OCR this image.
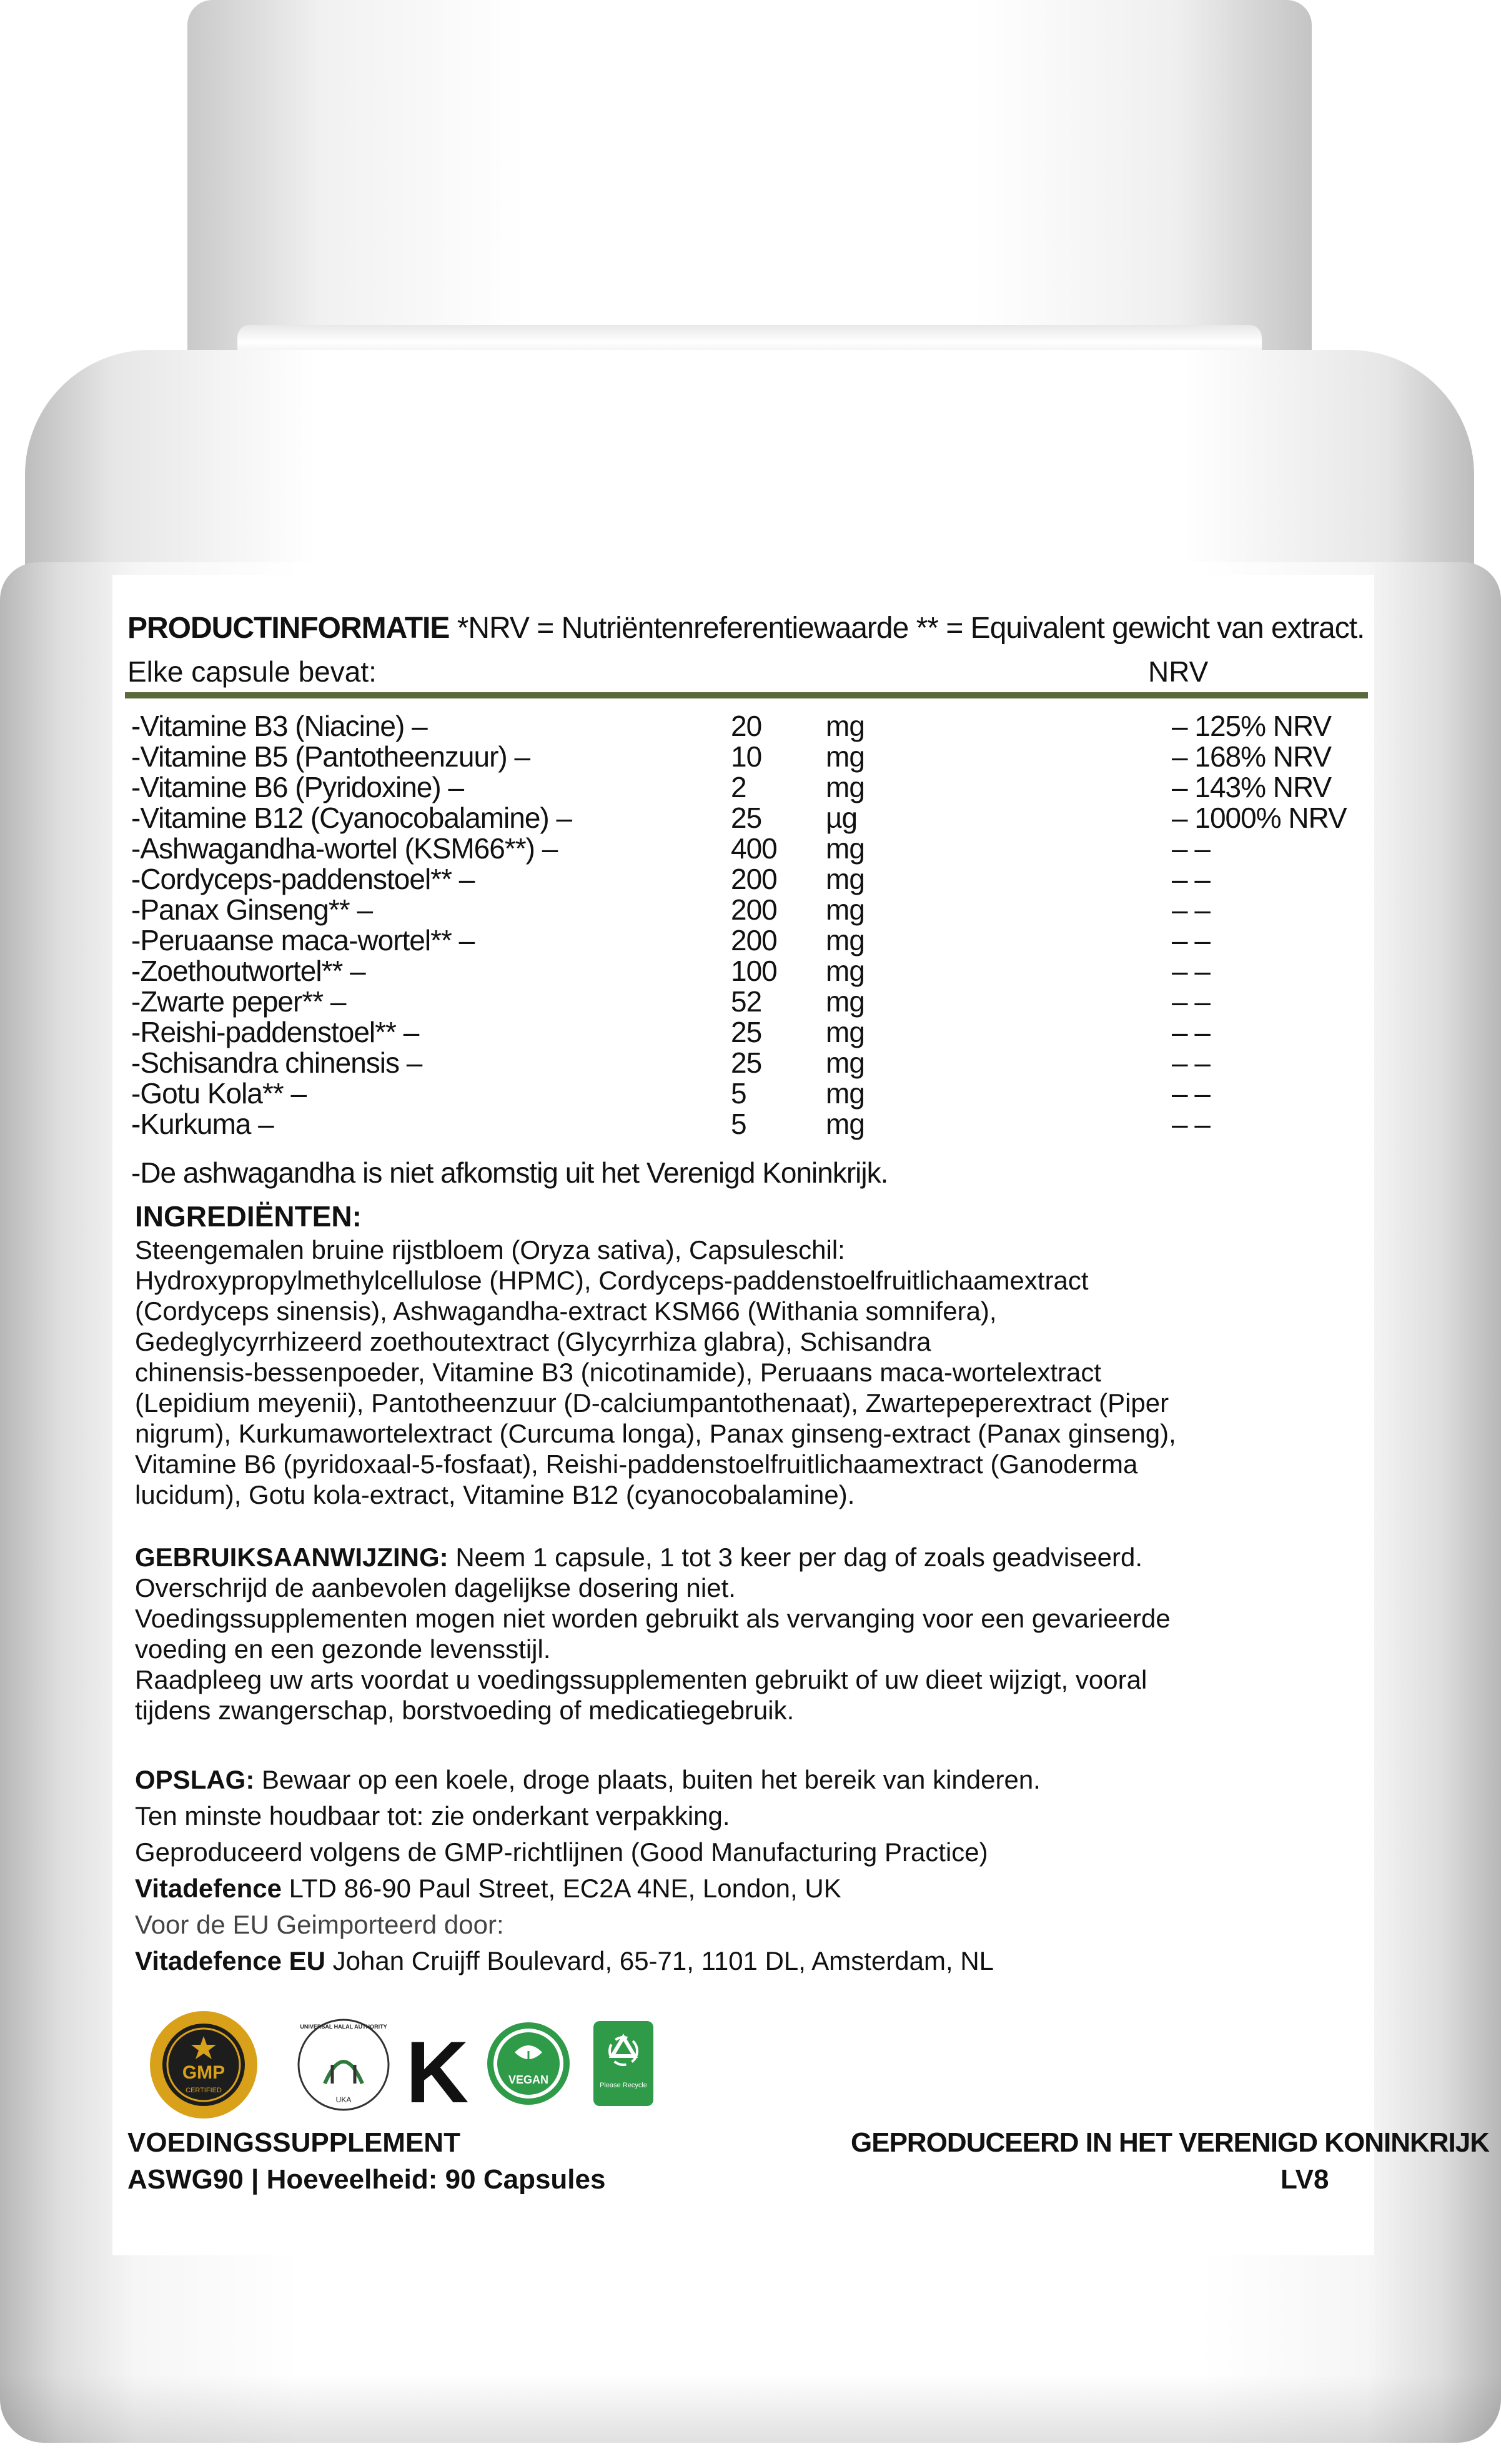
PRODUCTINFORMATIE *NRV = Nutriëntenreferentiewaarde ** = Equivalent gewicht van extract.
Elke capsule bevat:	NRV
-Vitamine B3 (Niacine) –	20 mg	– 125% NRV
-Vitamine B5 (Pantotheenzuur) –	10 mg	– 168% NRV
-Vitamine B6 (Pyridoxine) –	2	mg	– 143% NRV
-Vitamine B12 (Cyanocobalamine) –	25 µg	– 1000% NRV
-Ashwagandha-wortel (KSM66**) –	400 mg	– –
-Cordyceps-paddenstoel** –	200 mg	– –
-Panax Ginseng** –	200 mg	– –
-Peruaanse maca-wortel** –	200 mg	– –
-Zoethoutwortel** –	100 mg	– –
-Zwarte peper** –	52 mg	– –
-Reishi-paddenstoel** –	25 mg	– –
-Schisandra chinensis –	25 mg	– –
-Gotu Kola** –	5	mg	– –
-Kurkuma –	5	mg	– –
-De ashwagandha is niet afkomstig uit het Verenigd Koninkrijk.
INGREDIËNTEN:
Steengemalen bruine rijstbloem (Oryza sativa), Capsuleschil:
Hydroxypropylmethylcellulose (HPMC), Cordyceps-paddenstoelfruitlichaamextract
(Cordyceps sinensis), Ashwagandha-extract KSM66 (Withania somnifera),
Gedeglycyrrhizeerd zoethoutextract (Glycyrrhiza glabra), Schisandra
chinensis-bessenpoeder, Vitamine B3 (nicotinamide), Peruaans maca-wortelextract
(Lepidium meyenii), Pantotheenzuur (D-calciumpantothenaat), Zwartepeperextract (Piper
nigrum), Kurkumawortelextract (Curcuma longa), Panax ginseng-extract (Panax ginseng),
Vitamine B6 (pyridoxaal-5-fosfaat), Reishi-paddenstoelfruitlichaamextract (Ganoderma
lucidum), Gotu kola-extract, Vitamine B12 (cyanocobalamine).
GEBRUIKSAANWIJZING: Neem 1 capsule, 1 tot 3 keer per dag of zoals geadviseerd.
Overschrijd de aanbevolen dagelijkse dosering niet.
Voedingssupplementen mogen niet worden gebruikt als vervanging voor een gevarieerde
voeding en een gezonde levensstijl.
Raadpleeg uw arts voordat u voedingssupplementen gebruikt of uw dieet wijzigt, vooral
tijdens zwangerschap, borstvoeding of medicatiegebruik.
OPSLAG: Bewaar op een koele, droge plaats, buiten het bereik van kinderen.
Ten minste houdbaar tot: zie onderkant verpakking.
Geproduceerd volgens de GMP-richtlijnen (Good Manufacturing Practice)
Vitadefence LTD 86-90 Paul Street, EC2A 4NE, London, UK
Voor de EU Geimporteerd door:
Vitadefence EU Johan Cruijff Boulevard, 65-71, 1101 DL, Amsterdam, NL
GMP
CERTIFIED
UNIVERSAL HALAL AUTHORITY
UKA K	VEGAN	Please Recycle
VOEDINGSSUPPLEMENT
ASWG90 | Hoeveelheid: 90 Capsules
GEPRODUCEERD IN HET VERENIGD KONINKRIJK
LV8
